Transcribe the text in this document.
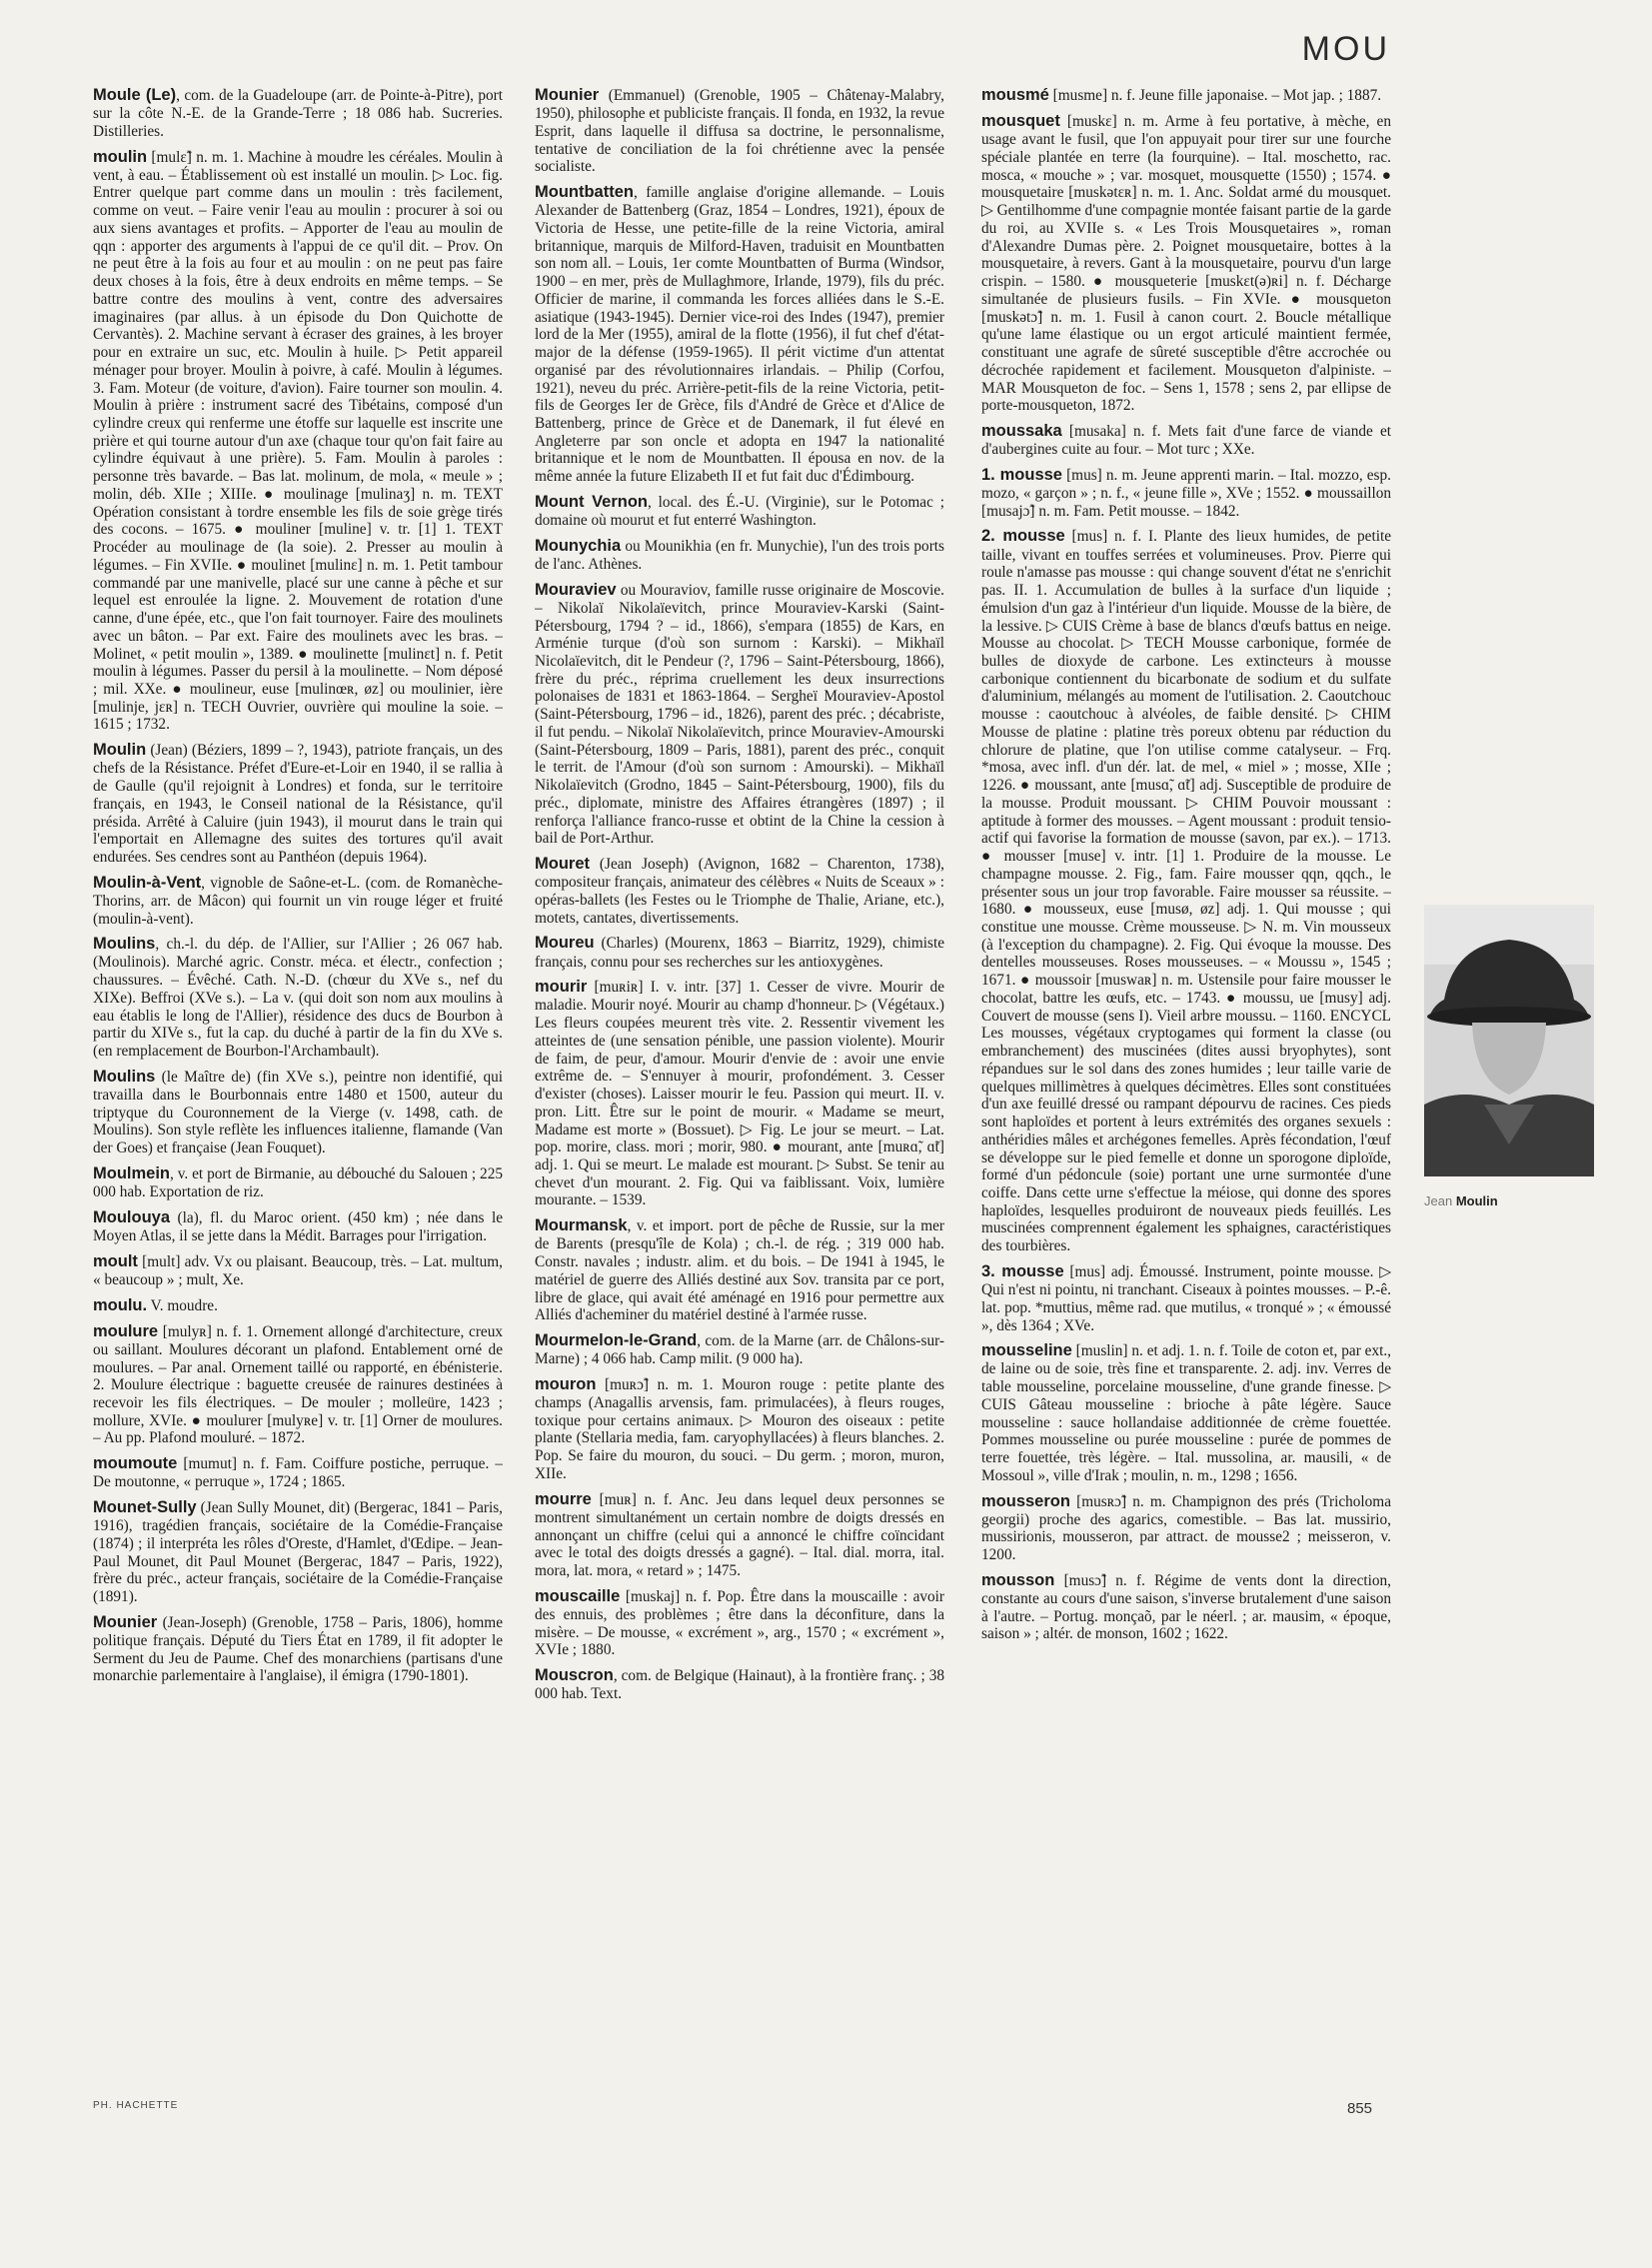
MOU

Moule (Le), com. de la Guadeloupe (arr. de Pointe-à-Pitre), port sur la côte N.-E. de la Grande-Terre ; 18 086 hab. Sucreries. Distilleries.

moulin [mulɛ̃] n. m. 1. Machine à moudre les céréales. Moulin à vent, à eau. – Établissement où est installé un moulin. ▷ Loc. fig. Entrer quelque part comme dans un moulin : très facilement, comme on veut. – Faire venir l'eau au moulin : procurer à soi ou aux siens avantages et profits. – Apporter de l'eau au moulin de qqn : apporter des arguments à l'appui de ce qu'il dit. – Prov. On ne peut être à la fois au four et au moulin : on ne peut pas faire deux choses à la fois, être à deux endroits en même temps. – Se battre contre des moulins à vent, contre des adversaires imaginaires (par allus. à un épisode du Don Quichotte de Cervantès). 2. Machine servant à écraser des graines, à les broyer pour en extraire un suc, etc. Moulin à huile. ▷ Petit appareil ménager pour broyer. Moulin à poivre, à café. Moulin à légumes. 3. Fam. Moteur (de voiture, d'avion). Faire tourner son moulin. 4. Moulin à prière : instrument sacré des Tibétains, composé d'un cylindre creux qui renferme une étoffe sur laquelle est inscrite une prière et qui tourne autour d'un axe (chaque tour qu'on fait faire au cylindre équivaut à une prière). 5. Fam. Moulin à paroles : personne très bavarde. – Bas lat. molinum, de mola, « meule » ; molin, déb. XIIe ; XIIIe. ● moulinage [mulinaʒ] n. m. TEXT Opération consistant à tordre ensemble les fils de soie grège tirés des cocons. – 1675. ● mouliner [muline] v. tr. [1] 1. TEXT Procéder au moulinage de (la soie). 2. Presser au moulin à légumes. – Fin XVIIe. ● moulinet [mulinɛ] n. m. 1. Petit tambour commandé par une manivelle, placé sur une canne à pêche et sur lequel est enroulée la ligne. 2. Mouvement de rotation d'une canne, d'une épée, etc., que l'on fait tournoyer. Faire des moulinets avec un bâton. – Par ext. Faire des moulinets avec les bras. – Molinet, « petit moulin », 1389. ● moulinette [mulinɛt] n. f. Petit moulin à légumes. Passer du persil à la moulinette. – Nom déposé ; mil. XXe. ● moulineur, euse [mulinœʀ, øz] ou moulinier, ière [mulinje, jɛʀ] n. TECH Ouvrier, ouvrière qui mouline la soie. – 1615 ; 1732.

Moulin (Jean) (Béziers, 1899 – ?, 1943), patriote français, un des chefs de la Résistance. Préfet d'Eure-et-Loir en 1940, il se rallia à de Gaulle (qu'il rejoignit à Londres) et fonda, sur le territoire français, en 1943, le Conseil national de la Résistance, qu'il présida. Arrêté à Caluire (juin 1943), il mourut dans le train qui l'emportait en Allemagne des suites des tortures qu'il avait endurées. Ses cendres sont au Panthéon (depuis 1964).

Moulin-à-Vent, vignoble de Saône-et-L. (com. de Romanèche-Thorins, arr. de Mâcon) qui fournit un vin rouge léger et fruité (moulin-à-vent).

Moulins, ch.-l. du dép. de l'Allier, sur l'Allier ; 26 067 hab. (Moulinois). Marché agric. Constr. méca. et électr., confection ; chaussures. – Évêché. Cath. N.-D. (chœur du XVe s., nef du XIXe). Beffroi (XVe s.). – La v. (qui doit son nom aux moulins à eau établis le long de l'Allier), résidence des ducs de Bourbon à partir du XIVe s., fut la cap. du duché à partir de la fin du XVe s. (en remplacement de Bourbon-l'Archambault).

Moulins (le Maître de) (fin XVe s.), peintre non identifié, qui travailla dans le Bourbonnais entre 1480 et 1500, auteur du triptyque du Couronnement de la Vierge (v. 1498, cath. de Moulins). Son style reflète les influences italienne, flamande (Van der Goes) et française (Jean Fouquet).

Moulmein, v. et port de Birmanie, au débouché du Salouen ; 225 000 hab. Exportation de riz.

Moulouya (la), fl. du Maroc orient. (450 km) ; née dans le Moyen Atlas, il se jette dans la Médit. Barrages pour l'irrigation.

moult [mult] adv. Vx ou plaisant. Beaucoup, très. – Lat. multum, « beaucoup » ; mult, Xe.

moulu. V. moudre.

moulure [mulyʀ] n. f. 1. Ornement allongé d'architecture, creux ou saillant. Moulures décorant un plafond. Entablement orné de moulures. – Par anal. Ornement taillé ou rapporté, en ébénisterie. 2. Moulure électrique : baguette creusée de rainures destinées à recevoir les fils électriques. – De mouler ; molleüre, 1423 ; mollure, XVIe. ● moulurer [mulyʀe] v. tr. [1] Orner de moulures. – Au pp. Plafond mouluré. – 1872.

moumoute [mumut] n. f. Fam. Coiffure postiche, perruque. – De moutonne, « perruque », 1724 ; 1865.

Mounet-Sully (Jean Sully Mounet, dit) (Bergerac, 1841 – Paris, 1916), tragédien français, sociétaire de la Comédie-Française (1874) ; il interpréta les rôles d'Oreste, d'Hamlet, d'Œdipe. – Jean-Paul Mounet, dit Paul Mounet (Bergerac, 1847 – Paris, 1922), frère du préc., acteur français, sociétaire de la Comédie-Française (1891).

Mounier (Jean-Joseph) (Grenoble, 1758 – Paris, 1806), homme politique français. Député du Tiers État en 1789, il fit adopter le Serment du Jeu de Paume. Chef des monarchiens (partisans d'une monarchie parlementaire à l'anglaise), il émigra (1790-1801).

Mounier (Emmanuel) (Grenoble, 1905 – Châtenay-Malabry, 1950), philosophe et publiciste français. Il fonda, en 1932, la revue Esprit, dans laquelle il diffusa sa doctrine, le personnalisme, tentative de conciliation de la foi chrétienne avec la pensée socialiste.

Mountbatten, famille anglaise d'origine allemande. – Louis Alexander de Battenberg (Graz, 1854 – Londres, 1921), époux de Victoria de Hesse, une petite-fille de la reine Victoria, amiral britannique, marquis de Milford-Haven, traduisit en Mountbatten son nom all. – Louis, 1er comte Mountbatten of Burma (Windsor, 1900 – en mer, près de Mullaghmore, Irlande, 1979), fils du préc. Officier de marine, il commanda les forces alliées dans le S.-E. asiatique (1943-1945). Dernier vice-roi des Indes (1947), premier lord de la Mer (1955), amiral de la flotte (1956), il fut chef d'état-major de la défense (1959-1965). Il périt victime d'un attentat organisé par des révolutionnaires irlandais. – Philip (Corfou, 1921), neveu du préc. Arrière-petit-fils de la reine Victoria, petit-fils de Georges Ier de Grèce, fils d'André de Grèce et d'Alice de Battenberg, prince de Grèce et de Danemark, il fut élevé en Angleterre par son oncle et adopta en 1947 la nationalité britannique et le nom de Mountbatten. Il épousa en nov. de la même année la future Elizabeth II et fut fait duc d'Édimbourg.

Mount Vernon, local. des É.-U. (Virginie), sur le Potomac ; domaine où mourut et fut enterré Washington.

Mounychia ou Mounikhia (en fr. Munychie), l'un des trois ports de l'anc. Athènes.

Mouraviev ou Mouraviov, famille russe originaire de Moscovie. – Nikolaï Nikolaïevitch, prince Mouraviev-Karski (Saint-Pétersbourg, 1794 ? – id., 1866), s'empara (1855) de Kars, en Arménie turque (d'où son surnom : Karski). – Mikhaïl Nicolaïevitch, dit le Pendeur (?, 1796 – Saint-Pétersbourg, 1866), frère du préc., réprima cruellement les deux insurrections polonaises de 1831 et 1863-1864. – Sergheï Mouraviev-Apostol (Saint-Pétersbourg, 1796 – id., 1826), parent des préc. ; décabriste, il fut pendu. – Nikolaï Nikolaïevitch, prince Mouraviev-Amourski (Saint-Pétersbourg, 1809 – Paris, 1881), parent des préc., conquit le territ. de l'Amour (d'où son surnom : Amourski). – Mikhaïl Nikolaïevitch (Grodno, 1845 – Saint-Pétersbourg, 1900), fils du préc., diplomate, ministre des Affaires étrangères (1897) ; il renforça l'alliance franco-russe et obtint de la Chine la cession à bail de Port-Arthur.

Mouret (Jean Joseph) (Avignon, 1682 – Charenton, 1738), compositeur français, animateur des célèbres « Nuits de Sceaux » : opéras-ballets (les Festes ou le Triomphe de Thalie, Ariane, etc.), motets, cantates, divertissements.

Moureu (Charles) (Mourenx, 1863 – Biarritz, 1929), chimiste français, connu pour ses recherches sur les antioxygènes.

mourir [muʀiʀ] I. v. intr. [37] 1. Cesser de vivre. Mourir de maladie. Mourir noyé. Mourir au champ d'honneur. ▷ (Végétaux.) Les fleurs coupées meurent très vite. 2. Ressentir vivement les atteintes de (une sensation pénible, une passion violente). Mourir de faim, de peur, d'amour. Mourir d'envie de : avoir une envie extrême de. – S'ennuyer à mourir, profondément. 3. Cesser d'exister (choses). Laisser mourir le feu. Passion qui meurt. II. v. pron. Litt. Être sur le point de mourir. « Madame se meurt, Madame est morte » (Bossuet). ▷ Fig. Le jour se meurt. – Lat. pop. morire, class. mori ; morir, 980. ● mourant, ante [muʀɑ̃, ɑ̃t] adj. 1. Qui se meurt. Le malade est mourant. ▷ Subst. Se tenir au chevet d'un mourant. 2. Fig. Qui va faiblissant. Voix, lumière mourante. – 1539.

Mourmansk, v. et import. port de pêche de Russie, sur la mer de Barents (presqu'île de Kola) ; ch.-l. de rég. ; 319 000 hab. Constr. navales ; industr. alim. et du bois. – De 1941 à 1945, le matériel de guerre des Alliés destiné aux Sov. transita par ce port, libre de glace, qui avait été aménagé en 1916 pour permettre aux Alliés d'acheminer du matériel destiné à l'armée russe.

Mourmelon-le-Grand, com. de la Marne (arr. de Châlons-sur-Marne) ; 4 066 hab. Camp milit. (9 000 ha).

mouron [muʀɔ̃] n. m. 1. Mouron rouge : petite plante des champs (Anagallis arvensis, fam. primulacées), à fleurs rouges, toxique pour certains animaux. ▷ Mouron des oiseaux : petite plante (Stellaria media, fam. caryophyllacées) à fleurs blanches. 2. Pop. Se faire du mouron, du souci. – Du germ. ; moron, muron, XIIe.

mourre [muʀ] n. f. Anc. Jeu dans lequel deux personnes se montrent simultanément un certain nombre de doigts dressés en annonçant un chiffre (celui qui a annoncé le chiffre coïncidant avec le total des doigts dressés a gagné). – Ital. dial. morra, ital. mora, lat. mora, « retard » ; 1475.

mouscaille [muskaj] n. f. Pop. Être dans la mouscaille : avoir des ennuis, des problèmes ; être dans la déconfiture, dans la misère. – De mousse, « excrément », arg., 1570 ; « excrément », XVIe ; 1880.

Mouscron, com. de Belgique (Hainaut), à la frontière franç. ; 38 000 hab. Text.

mousmé [musme] n. f. Jeune fille japonaise. – Mot jap. ; 1887.

mousquet [muskɛ] n. m. Arme à feu portative, à mèche, en usage avant le fusil, que l'on appuyait pour tirer sur une fourche spéciale plantée en terre (la fourquine). – Ital. moschetto, rac. mosca, « mouche » ; var. mosquet, mousquette (1550) ; 1574. ● mousquetaire [muskətɛʀ] n. m. 1. Anc. Soldat armé du mousquet. ▷ Gentilhomme d'une compagnie montée faisant partie de la garde du roi, au XVIIe s. « Les Trois Mousquetaires », roman d'Alexandre Dumas père. 2. Poignet mousquetaire, bottes à la mousquetaire, à revers. Gant à la mousquetaire, pourvu d'un large crispin. – 1580. ● mousqueterie [muskɛt(ə)ʀi] n. f. Décharge simultanée de plusieurs fusils. – Fin XVIe. ● mousqueton [muskətɔ̃] n. m. 1. Fusil à canon court. 2. Boucle métallique qu'une lame élastique ou un ergot articulé maintient fermée, constituant une agrafe de sûreté susceptible d'être accrochée ou décrochée rapidement et facilement. Mousqueton d'alpiniste. – MAR Mousqueton de foc. – Sens 1, 1578 ; sens 2, par ellipse de porte-mousqueton, 1872.

moussaka [musaka] n. f. Mets fait d'une farce de viande et d'aubergines cuite au four. – Mot turc ; XXe.

1. mousse [mus] n. m. Jeune apprenti marin. – Ital. mozzo, esp. mozo, « garçon » ; n. f., « jeune fille », XVe ; 1552. ● moussaillon [musajɔ̃] n. m. Fam. Petit mousse. – 1842.

2. mousse [mus] n. f. I. Plante des lieux humides, de petite taille, vivant en touffes serrées et volumineuses. Prov. Pierre qui roule n'amasse pas mousse : qui change souvent d'état ne s'enrichit pas. II. 1. Accumulation de bulles à la surface d'un liquide ; émulsion d'un gaz à l'intérieur d'un liquide. Mousse de la bière, de la lessive. ▷ CUIS Crème à base de blancs d'œufs battus en neige. Mousse au chocolat. ▷ TECH Mousse carbonique, formée de bulles de dioxyde de carbone. Les extincteurs à mousse carbonique contiennent du bicarbonate de sodium et du sulfate d'aluminium, mélangés au moment de l'utilisation. 2. Caoutchouc mousse : caoutchouc à alvéoles, de faible densité. ▷ CHIM Mousse de platine : platine très poreux obtenu par réduction du chlorure de platine, que l'on utilise comme catalyseur. – Frq. *mosa, avec infl. d'un dér. lat. de mel, « miel » ; mosse, XIIe ; 1226. ● moussant, ante [musɑ̃, ɑ̃t] adj. Susceptible de produire de la mousse. Produit moussant. ▷ CHIM Pouvoir moussant : aptitude à former des mousses. – Agent moussant : produit tensio-actif qui favorise la formation de mousse (savon, par ex.). – 1713. ● mousser [muse] v. intr. [1] 1. Produire de la mousse. Le champagne mousse. 2. Fig., fam. Faire mousser qqn, qqch., le présenter sous un jour trop favorable. Faire mousser sa réussite. – 1680. ● mousseux, euse [musø, øz] adj. 1. Qui mousse ; qui constitue une mousse. Crème mousseuse. ▷ N. m. Vin mousseux (à l'exception du champagne). 2. Fig. Qui évoque la mousse. Des dentelles mousseuses. Roses mousseuses. – « Moussu », 1545 ; 1671. ● moussoir [muswaʀ] n. m. Ustensile pour faire mousser le chocolat, battre les œufs, etc. – 1743. ● moussu, ue [musy] adj. Couvert de mousse (sens I). Vieil arbre moussu. – 1160. ENCYCL Les mousses, végétaux cryptogames qui forment la classe (ou embranchement) des muscinées (dites aussi bryophytes), sont répandues sur le sol dans des zones humides ; leur taille varie de quelques millimètres à quelques décimètres. Elles sont constituées d'un axe feuillé dressé ou rampant dépourvu de racines. Ces pieds sont haploïdes et portent à leurs extrémités des organes sexuels : anthéridies mâles et archégones femelles. Après fécondation, l'œuf se développe sur le pied femelle et donne un sporogone diploïde, formé d'un pédoncule (soie) portant une urne surmontée d'une coiffe. Dans cette urne s'effectue la méiose, qui donne des spores haploïdes, lesquelles produiront de nouveaux pieds feuillés. Les muscinées comprennent également les sphaignes, caractéristiques des tourbières.

3. mousse [mus] adj. Émoussé. Instrument, pointe mousse. ▷ Qui n'est ni pointu, ni tranchant. Ciseaux à pointes mousses. – P.-ê. lat. pop. *muttius, même rad. que mutilus, « tronqué » ; « émoussé », dès 1364 ; XVe.

mousseline [muslin] n. et adj. 1. n. f. Toile de coton et, par ext., de laine ou de soie, très fine et transparente. 2. adj. inv. Verres de table mousseline, porcelaine mousseline, d'une grande finesse. ▷ CUIS Gâteau mousseline : brioche à pâte légère. Sauce mousseline : sauce hollandaise additionnée de crème fouettée. Pommes mousseline ou purée mousseline : purée de pommes de terre fouettée, très légère. – Ital. mussolina, ar. mausili, « de Mossoul », ville d'Irak ; moulin, n. m., 1298 ; 1656.

mousseron [musʀɔ̃] n. m. Champignon des prés (Tricholoma georgii) proche des agarics, comestible. – Bas lat. mussirio, mussirionis, mousseron, par attract. de mousse2 ; meisseron, v. 1200.

mousson [musɔ̃] n. f. Régime de vents dont la direction, constante au cours d'une saison, s'inverse brutalement d'une saison à l'autre. – Portug. monçaõ, par le néerl. ; ar. mausim, « époque, saison » ; altér. de monson, 1602 ; 1622.

Jean Moulin
PH. HACHETTE	855
